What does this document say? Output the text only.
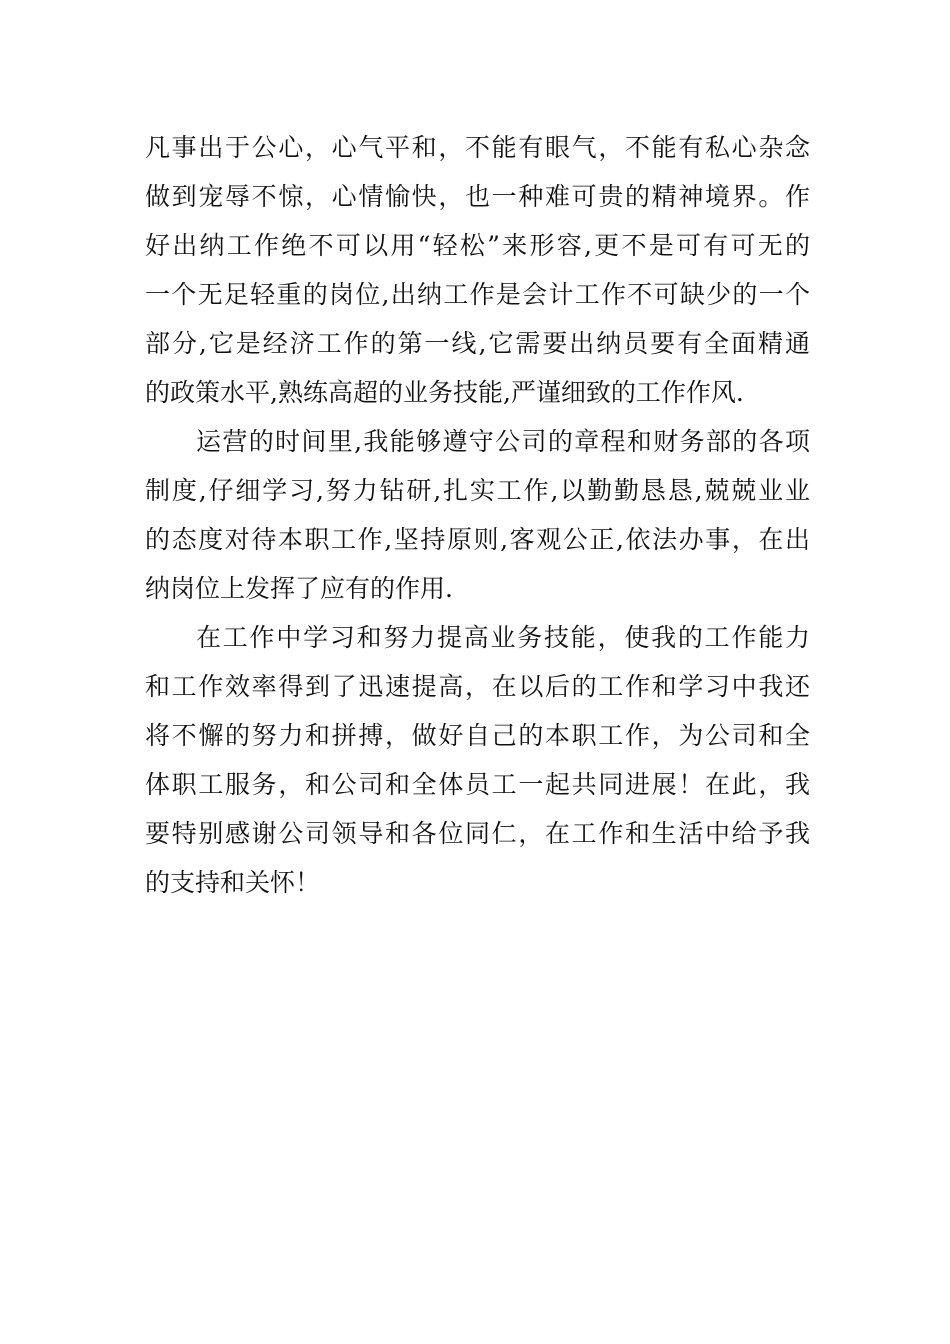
凡事出于公心，心气平和，不能有眼气，不能有私心杂念
做到宠辱不惊，心情愉快，也一种难可贵的精神境界。作
好出纳工作绝不可以用“轻松”来形容,更不是可有可无的
一个无足轻重的岗位,出纳工作是会计工作不可缺少的一个
部分,它是经济工作的第一线,它需要出纳员要有全面精通
的政策水平,熟练高超的业务技能,严谨细致的工作作风.
运营的时间里,我能够遵守公司的章程和财务部的各项
制度,仔细学习,努力钻研,扎实工作,以勤勤恳恳,兢兢业业
的态度对待本职工作,坚持原则,客观公正,依法办事，在出
纳岗位上发挥了应有的作用.
在工作中学习和努力提高业务技能，使我的工作能力
和工作效率得到了迅速提高，在以后的工作和学习中我还
将不懈的努力和拼搏，做好自己的本职工作，为公司和全
体职工服务，和公司和全体员工一起共同进展！在此，我
要特别感谢公司领导和各位同仁，在工作和生活中给予我
的支持和关怀！
